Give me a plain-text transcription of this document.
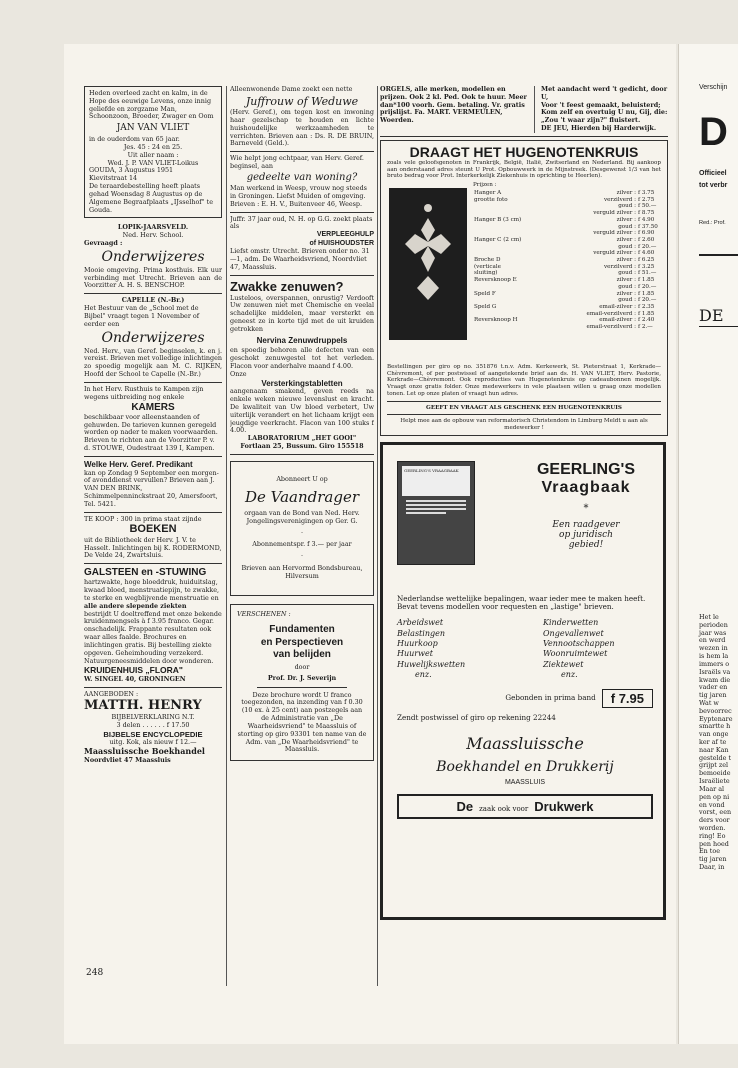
Heden overleed zacht en kalm, in de Hope des eeuwige Levens, onze innig geliefde en zorgzame Man, Schoonzoon, Broeder, Zwager en Oom
JAN VAN VLIET
in de ouderdom van 65 jaar.
Jes. 45 : 24 en 25.
Uit aller naam :
Wed. J. P. VAN VLIET-Loikus
GOUDA, 3 Augustus 1951
Kievitstraat 14
De teraardebestelling heeft plaats gehad Woensdag 8 Augustus op de Algemene Begraafplaats „IJsselhof" te Gouda.
LOPIK-JAARSVELD.
Ned. Herv. School.
Gevraagd :
Onderwijzeres
Mooie omgeving. Prima kosthuis. Elk uur verbinding met Utrecht. Brieven aan de Voorzitter A. H. S. BENSCHOP.
CAPELLE (N.-Br.)
Het Bestuur van de „School met de Bijbel" vraagt tegen 1 November of eerder een
Onderwijzeres
Ned. Herv., van Geref. beginselen, k. en j. vereist. Brieven met volledige inlichtingen zo spoedig mogelijk aan M. C. RIJKEN, Hoofd der School te Capelle (N.-Br.)
In het Herv. Rusthuis te Kampen zijn wegens uitbreiding nog enkele
KAMERS
beschikbaar voor alleenstaanden of gehuwden. De tarieven kunnen geregeld worden op nader te maken voorwaarden. Brieven te richten aan de Voorzitter P. v. d. STOUWE, Oudestraat 139 I, Kampen.
Welke Herv. Geref. Predikant
kan op Zondag 9 September een morgen- of avonddienst vervullen? Brieven aan J. VAN DEN BRINK, Schimmelpenninckstraat 20, Amersfoort, Tel. 5421.
TE KOOP : 300 in prima staat zijnde
BOEKEN
uit de Bibliotheek der Herv. J. V. te Hasselt. Inlichtingen bij K. RODERMOND, De Velde 24, Zwartsluis.
GALSTEEN en -STUWING
hartzwakte, hoge bloeddruk, huiduitslag, kwaad bloed, menstruatiepijn, te zwakke, te sterke en wegblijvende menstruatie en
alle andere slepende ziekten
bestrijdt U doeltreffend met onze bekende kruidenmengsels à f 3.95 franco. Gegar. onschadelijk. Frappante resultaten ook waar alles faalde. Brochures en inlichtingen gratis. Bij bestelling ziekte opgeven. Geheimhouding verzekerd. Natuurgeneesmiddelen door wonderen.
KRUIDENHUIS „FLORA"
W. SINGEL 40, GRONINGEN
AANGEBODEN :
MATTH. HENRY
BIJBELVERKLARING N.T.
3 delen . . . . . . f 17.50
BIJBELSE ENCYCLOPEDIE
uitg. Kok, als nieuw f 12.—
Maassluissche Boekhandel
Noordvliet 47 Maassluis
248
Alleenwonende Dame zoekt een nette
Juffrouw of Weduwe
(Herv. Geref.), om tegen kost en inwoning haar gezelschap te houden en lichte huishoudelijke werkzaamheden te verrichten. Brieven aan : Ds. R. DE BRUIN, Barneveld (Geld.).
Wie helpt jong echtpaar, van Herv. Geref. beginsel, aan
gedeelte van woning?
Man werkend in Weesp, vrouw nog steeds in Groningen. Liefst Muiden of omgeving. Brieven : E. H. V., Buitenveer 46, Weesp.
Juffr. 37 jaar oud, N. H. op G.G. zoekt plaats als
VERPLEEGHULP
of HUISHOUDSTER
Liefst omstr. Utrecht. Brieven onder no. 31—1, adm. De Waarheidsvriend, Noordvliet 47, Maassluis.
Zwakke zenuwen?
Lusteloos, overspannen, onrustig? Verdooft Uw zenuwen niet met Chemische en veelal schadelijke middelen, maar versterkt en geneest ze in korte tijd met de uit kruiden getrokken
Nervina Zenuwdruppels
en spoedig behoren alle defecten van een geschokt zenuwgestel tot het verleden. Flacon voor anderhalve maand f 4.00.
Onze
Versterkingstabletten
aangenaam smakend, geven reeds na enkele weken nieuwe levenslust en kracht. De kwaliteit van Uw bloed verbetert, Uw uiterlijk verandert en het lichaam krijgt een jeugdige veerkracht. Flacon van 100 stuks f 4.00.
LABORATORIUM „HET GOOI"
Fortlaan 25, Bussum. Giro 155518
Abonneert U op
De Vaandrager
orgaan van de Bond van Ned. Herv. Jongelingsverenigingen op Ger. G.
·
Abonnementspr. f 3.— per jaar
·
Brieven aan Hervormd Bondsbureau, Hilversum
VERSCHENEN :
Fundamenten
en Perspectieven
van belijden
door
Prof. Dr. J. Severijn
Deze brochure wordt U franco toegezonden, na inzending van f 0.30 (10 ex. à 25 cent) aan postzegels aan de Administratie van „De Waarheidsvriend" te Maassluis of storting op giro 93301 ten name van de Adm. van „De Waarheidsvriend" te Maassluis.
ORGELS, alle merken, modellen en prijzen. Ook 2 kl. Ped. Ook te huur. Meer dan*100 voorh. Gem. betaling. Vr. gratis prijslijst. Fa. MART. VERMEULEN, Woerden.
Met aandacht werd 't gedicht, door U,
Voor 't feest gemaakt, beluisterd; Kom zelf en overtuig U nu, Gij, die: „Zou 't waar zijn?" fluistert.
DE JEU, Hierden bij Harderwijk.
DRAAGT HET HUGENOTENKRUIS
zoals vele geloofsgenoten in Frankrijk, België, Italië, Zwitserland en Nederland. Bij aankoop aan onderstaand adres steunt U Prot. Opbouwwerk in de Mijnstreek. (Desgewenst 1/3 van het bruto bedrag voor Prot. Interkerkelijk Ziekenhuis in oprichting te Heerlen).
Prijzen :
Hanger A	zilver :	f 3.75
grootte foto	verzilverd :	f 2.75
	goud :	f 50.—
	verguld zilver :	f 8.75
Hanger B (3 cm)	zilver :	f 4.90
	goud :	f 37.50
	verguld zilver :	f 6.90
Hanger C (2 cm)	zilver :	f 2.60
	goud :	f 20.—
	verguld zilver :	f 4.60
Broche D	zilver :	f 6.25
(verticale	verzilverd :	f 3.25
sluiting)	goud :	f 51.—
Reversknoop E	zilver :	f 1.85
	goud :	f 20.—
Speld F	zilver :	f 1.85
	goud :	f 20.—
Speld G	email-zilver :	f 2.35
	email-verzilverd :	f 1.85
Reversknoop H	email-zilver :	f 2.40
	email-verzilverd :	f 2.—
Bestellingen per giro op no. 351876 t.n.v. Adm. Kerkewerk, St. Pieterstraat 1, Kerkrade—Chèvremont, of per postwissel of aangetekende brief aan ds. H. VAN VLIET, Herv. Pastorie, Kerkrade—Chèvremont. Ook reproducties van Hugenotenkruis op cadeaubonnen mogelijk. Vraagt onze gratis folder. Onze medewerkers in vele plaatsen willen u graag onze modellen tonen. Let op onze platen of vraagt hun adres.
GEEFT EN VRAAGT ALS GESCHENK EEN HUGENOTENKRUIS
Helpt mee aan de opbouw van reformatorisch Christendom in Limburg Meldt u aan als medewerker !
GEERLING'S VRAAGBAAK	GEERLING'S
Vraagbaak
*
Een raadgever
op juridisch
gebied!
Nederlandse wettelijke bepalingen, waar ieder mee te maken heeft. Bevat tevens modellen voor requesten en „lastige" brieven.
Arbeidswet
Belastingen
Huurkoop
Huurwet
Huwelijkswetten
enz.
Kinderwetten
Ongevallenwet
Vennootschappen
Woonruimtewet
Ziektewet
enz.
Gebonden in prima band	f 7.95
Zendt postwissel of giro op rekening 22244
Maassluissche
Boekhandel en Drukkerij
MAASSLUIS
De zaak ook voor Drukwerk
Verschijn
D
Officieel
tot verbr
Red.: Prof.
DE
Het le
perioden
jaar was
en werd
wezen in
is hem la
immers o
Israëls va
kwam die
vader en
tig jaren
Wat w
bevoorrec
Eyptenare
smartte h
van onge
ker af te
naar Kan
gestelde t
grijpt zel
bemoeide
Israëliete
Maar al
pen op ni
en vond
vorst, een
ders voor
worden.
ring! Eo
pen hoed
En toe
tig jaren
Daar, in
